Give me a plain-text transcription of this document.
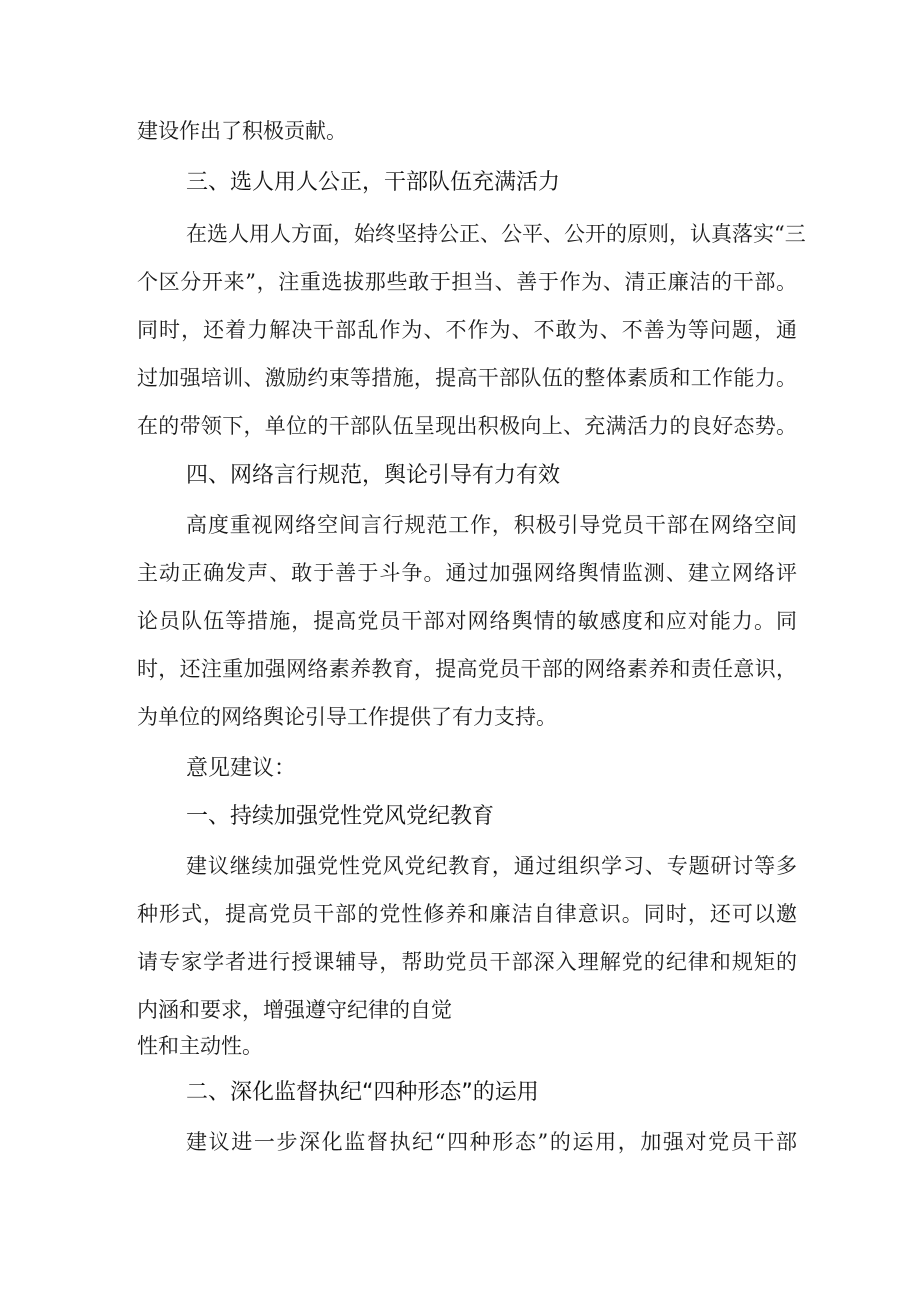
建设作出了积极贡献。
三、选人用人公正，干部队伍充满活力
在选人用人方面，始终坚持公正、公平、公开的原则，认真落实“三
个区分开来”，注重选拔那些敢于担当、善于作为、清正廉洁的干部。
同时，还着力解决干部乱作为、不作为、不敢为、不善为等问题，通
过加强培训、激励约束等措施，提高干部队伍的整体素质和工作能力。
在的带领下，单位的干部队伍呈现出积极向上、充满活力的良好态势。
四、网络言行规范，舆论引导有力有效
高度重视网络空间言行规范工作，积极引导党员干部在网络空间
主动正确发声、敢于善于斗争。通过加强网络舆情监测、建立网络评
论员队伍等措施，提高党员干部对网络舆情的敏感度和应对能力。同
时，还注重加强网络素养教育，提高党员干部的网络素养和责任意识，
为单位的网络舆论引导工作提供了有力支持。
意见建议：
一、持续加强党性党风党纪教育
建议继续加强党性党风党纪教育，通过组织学习、专题研讨等多
种形式，提高党员干部的党性修养和廉洁自律意识。同时，还可以邀
请专家学者进行授课辅导，帮助党员干部深入理解党的纪律和规矩的
内涵和要求，增强遵守纪律的自觉
性和主动性。
二、深化监督执纪“四种形态”的运用
建议进一步深化监督执纪“四种形态”的运用，加强对党员干部
